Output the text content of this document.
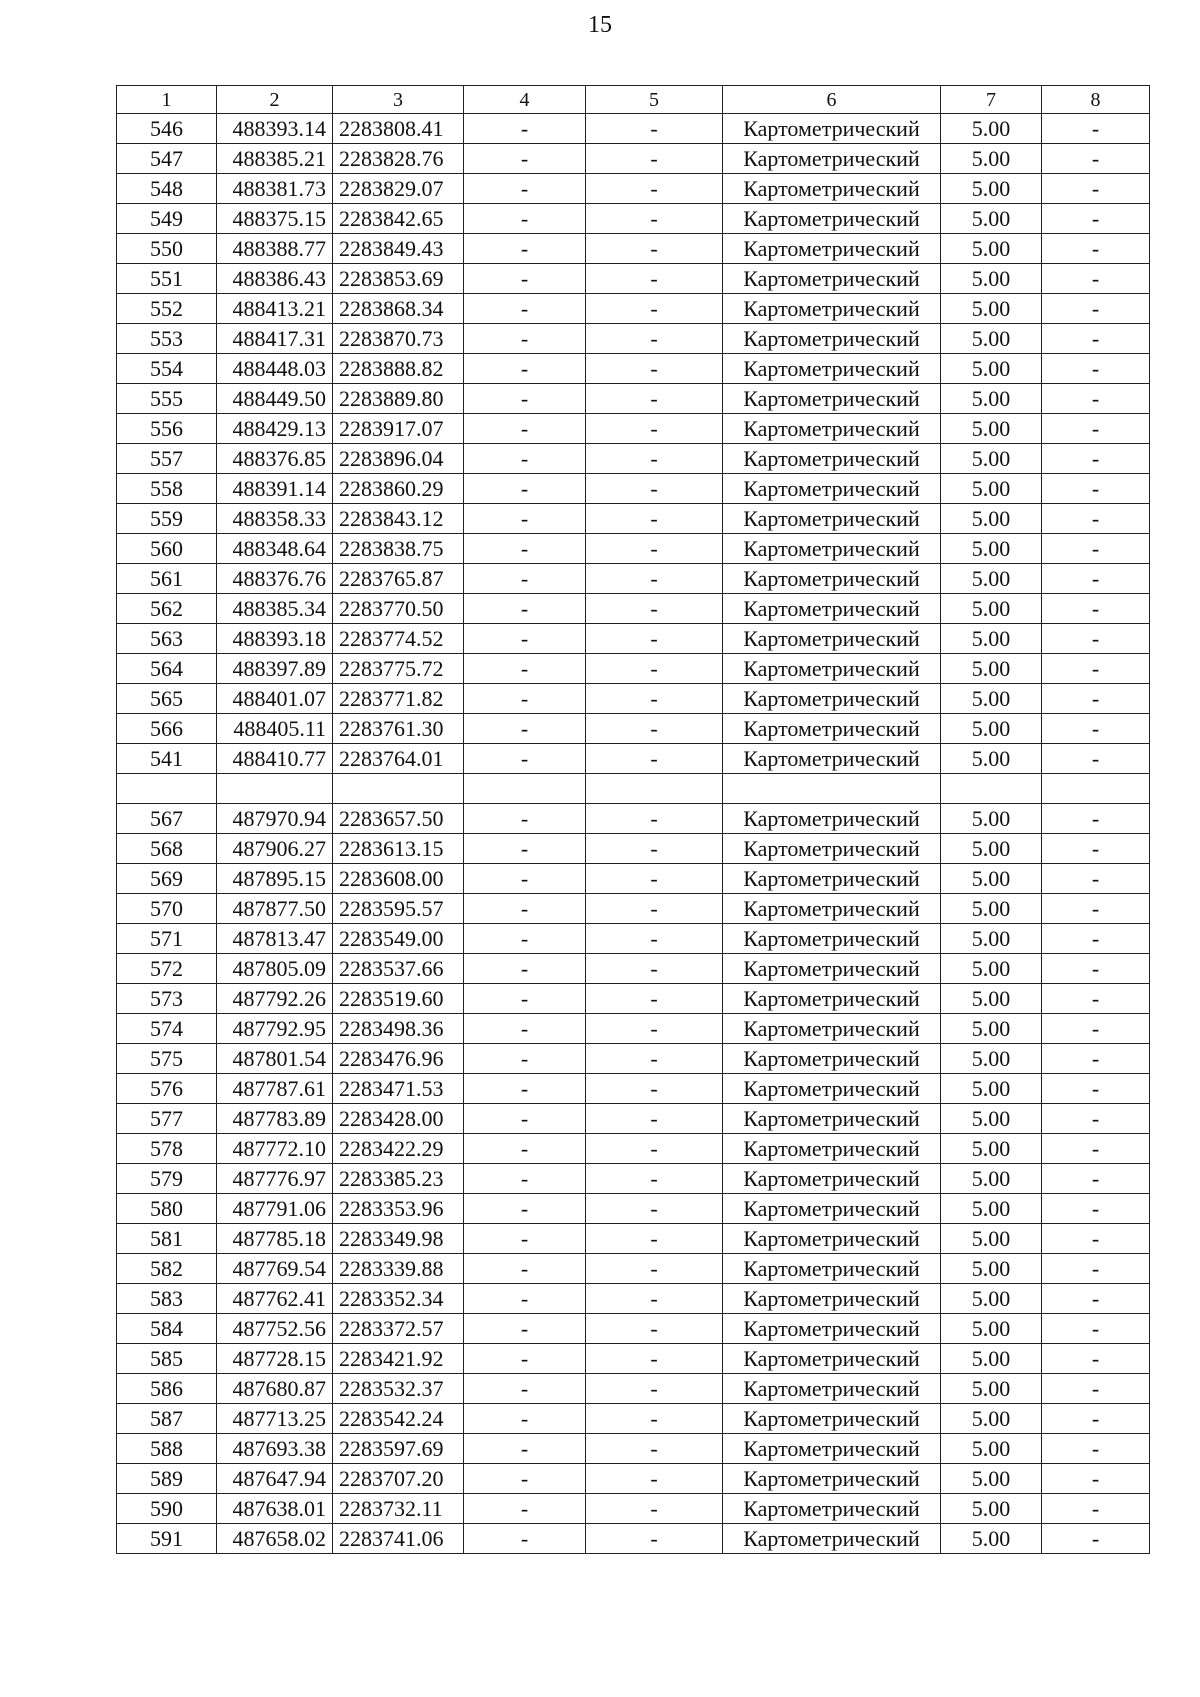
15
1	2	3	4	5	6	7	8
546	488393.14	2283808.41	-	-	Картометрический	5.00	-
547	488385.21	2283828.76	-	-	Картометрический	5.00	-
548	488381.73	2283829.07	-	-	Картометрический	5.00	-
549	488375.15	2283842.65	-	-	Картометрический	5.00	-
550	488388.77	2283849.43	-	-	Картометрический	5.00	-
551	488386.43	2283853.69	-	-	Картометрический	5.00	-
552	488413.21	2283868.34	-	-	Картометрический	5.00	-
553	488417.31	2283870.73	-	-	Картометрический	5.00	-
554	488448.03	2283888.82	-	-	Картометрический	5.00	-
555	488449.50	2283889.80	-	-	Картометрический	5.00	-
556	488429.13	2283917.07	-	-	Картометрический	5.00	-
557	488376.85	2283896.04	-	-	Картометрический	5.00	-
558	488391.14	2283860.29	-	-	Картометрический	5.00	-
559	488358.33	2283843.12	-	-	Картометрический	5.00	-
560	488348.64	2283838.75	-	-	Картометрический	5.00	-
561	488376.76	2283765.87	-	-	Картометрический	5.00	-
562	488385.34	2283770.50	-	-	Картометрический	5.00	-
563	488393.18	2283774.52	-	-	Картометрический	5.00	-
564	488397.89	2283775.72	-	-	Картометрический	5.00	-
565	488401.07	2283771.82	-	-	Картометрический	5.00	-
566	488405.11	2283761.30	-	-	Картометрический	5.00	-
541	488410.77	2283764.01	-	-	Картометрический	5.00	-

567	487970.94	2283657.50	-	-	Картометрический	5.00	-
568	487906.27	2283613.15	-	-	Картометрический	5.00	-
569	487895.15	2283608.00	-	-	Картометрический	5.00	-
570	487877.50	2283595.57	-	-	Картометрический	5.00	-
571	487813.47	2283549.00	-	-	Картометрический	5.00	-
572	487805.09	2283537.66	-	-	Картометрический	5.00	-
573	487792.26	2283519.60	-	-	Картометрический	5.00	-
574	487792.95	2283498.36	-	-	Картометрический	5.00	-
575	487801.54	2283476.96	-	-	Картометрический	5.00	-
576	487787.61	2283471.53	-	-	Картометрический	5.00	-
577	487783.89	2283428.00	-	-	Картометрический	5.00	-
578	487772.10	2283422.29	-	-	Картометрический	5.00	-
579	487776.97	2283385.23	-	-	Картометрический	5.00	-
580	487791.06	2283353.96	-	-	Картометрический	5.00	-
581	487785.18	2283349.98	-	-	Картометрический	5.00	-
582	487769.54	2283339.88	-	-	Картометрический	5.00	-
583	487762.41	2283352.34	-	-	Картометрический	5.00	-
584	487752.56	2283372.57	-	-	Картометрический	5.00	-
585	487728.15	2283421.92	-	-	Картометрический	5.00	-
586	487680.87	2283532.37	-	-	Картометрический	5.00	-
587	487713.25	2283542.24	-	-	Картометрический	5.00	-
588	487693.38	2283597.69	-	-	Картометрический	5.00	-
589	487647.94	2283707.20	-	-	Картометрический	5.00	-
590	487638.01	2283732.11	-	-	Картометрический	5.00	-
591	487658.02	2283741.06	-	-	Картометрический	5.00	-
